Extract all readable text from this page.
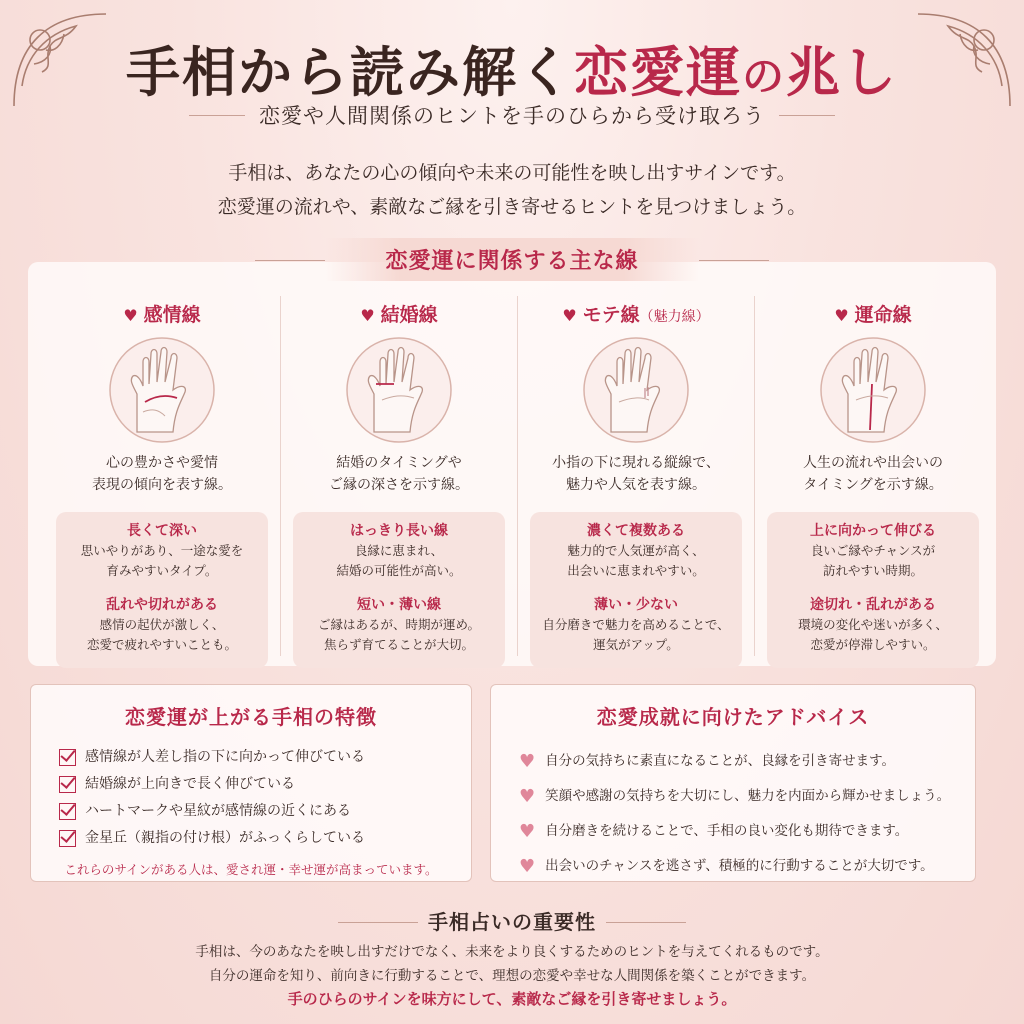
手相から読み解く恋愛運の兆し
恋愛や人間関係のヒントを手のひらから受け取ろう
手相は、あなたの心の傾向や未来の可能性を映し出すサインです。
恋愛運の流れや、素敵なご縁を引き寄せるヒントを見つけましょう。
恋愛運に関係する主な線
♥ 感情線
心の豊かさや愛情
表現の傾向を表す線。
長くて深い
思いやりがあり、一途な愛を
育みやすいタイプ。
乱れや切れがある
感情の起伏が激しく、
恋愛で疲れやすいことも。
♥ 結婚線
結婚のタイミングや
ご縁の深さを示す線。
はっきり長い線
良縁に恵まれ、
結婚の可能性が高い。
短い・薄い線
ご縁はあるが、時期が運め。
焦らず育てることが大切。
♥ モテ線（魅力線）
小指の下に現れる縦線で、
魅力や人気を表す線。
濃くて複数ある
魅力的で人気運が高く、
出会いに恵まれやすい。
薄い・少ない
自分磨きで魅力を高めることで、
運気がアップ。
♥ 運命線
人生の流れや出会いの
タイミングを示す線。
上に向かって伸びる
良いご縁やチャンスが
訪れやすい時期。
途切れ・乱れがある
環境の変化や迷いが多く、
恋愛が停滞しやすい。
恋愛運が上がる手相の特徴
感情線が人差し指の下に向かって伸びている
結婚線が上向きで長く伸びている
ハートマークや星紋が感情線の近くにある
金星丘（親指の付け根）がふっくらしている
これらのサインがある人は、愛され運・幸せ運が高まっています。
恋愛成就に向けたアドバイス
♥ 自分の気持ちに素直になることが、良縁を引き寄せます。
♥ 笑顔や感謝の気持ちを大切にし、魅力を内面から輝かせましょう。
♥ 自分磨きを続けることで、手相の良い変化も期待できます。
♥ 出会いのチャンスを逃さず、積極的に行動することが大切です。
手相占いの重要性
手相は、今のあなたを映し出すだけでなく、未来をより良くするためのヒントを与えてくれるものです。
自分の運命を知り、前向きに行動することで、理想の恋愛や幸せな人間関係を築くことができます。
手のひらのサインを味方にして、素敵なご縁を引き寄せましょう。
